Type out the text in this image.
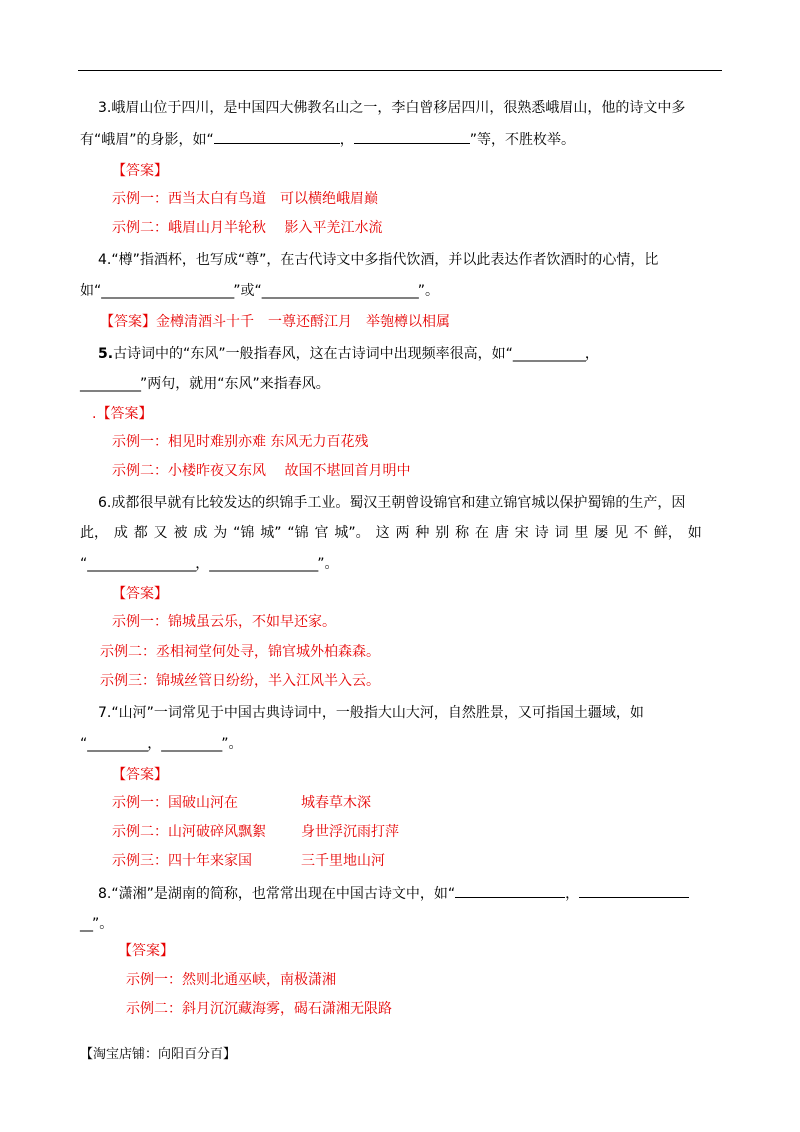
3.峨眉山位于四川，是中国四大佛教名山之一，李白曾移居四川，很熟悉峨眉山，他的诗文中多
有“峨眉”的身影，如“	，	”等，不胜枚举。
【答案】
示例一：西当太白有鸟道　可以横绝峨眉巅
示例二：峨眉山月半轮秋　 影入平羌江水流
4.“樽”指酒杯，也写成“尊”，在古代诗文中多指代饮酒，并以此表达作者饮酒时的心情，比
如“______________________”或“__________________________”。
【答案】金樽清酒斗十千　一尊还酹江月　举匏樽以相属
5.古诗词中的“东风”一般指春风，这在古诗词中出现频率很高，如“____________，
__________”两句，就用“东风”来指春风。
.【答案】
示例一：相见时难别亦难 东风无力百花残
示例二：小楼昨夜又东风　 故国不堪回首月明中
6.成都很早就有比较发达的织锦手工业。蜀汉王朝曾设锦官和建立锦官城以保护蜀锦的生产，因
此， 成 都 又 被 成 为 “锦 城” “锦 官 城”。 这 两 种 别 称 在 唐 宋 诗 词 里 屡 见 不 鲜， 如
“__________________，__________________”。
【答案】
示例一：锦城虽云乐，不如早还家。
示例二：丞相祠堂何处寻，锦官城外柏森森。
示例三：锦城丝管日纷纷，半入江风半入云。
7.“山河”一词常见于中国古典诗词中，一般指大山大河，自然胜景，又可指国土疆域，如
“__________，__________”。
【答案】
示例一：国破山河在	城春草木深
示例二：山河破碎风飘絮	身世浮沉雨打萍
示例三：四十年来家国	三千里地山河
8.“潇湘”是湖南的简称，也常常出现在中国古诗文中，如“	，
__”。
【答案】
示例一：然则北通巫峡，南极潇湘
示例二：斜月沉沉藏海雾，碣石潇湘无限路
【淘宝店铺：向阳百分百】
